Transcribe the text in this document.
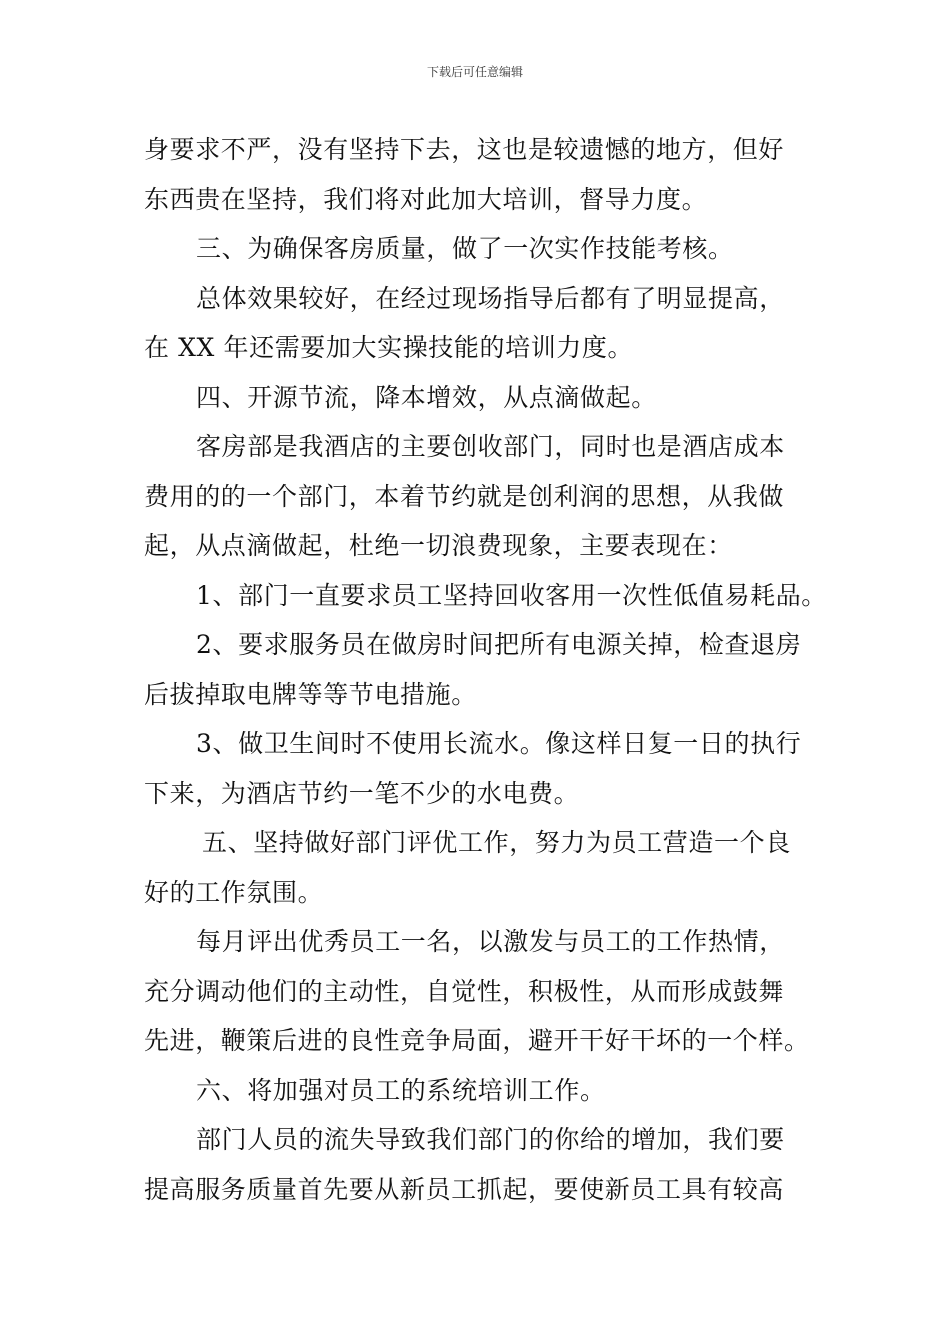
下载后可任意编辑
身要求不严，没有坚持下去，这也是较遗憾的地方，但好
东西贵在坚持，我们将对此加大培训，督导力度。
三、为确保客房质量，做了一次实作技能考核。
总体效果较好，在经过现场指导后都有了明显提高，
在 XX 年还需要加大实操技能的培训力度。
四、开源节流，降本增效，从点滴做起。
客房部是我酒店的主要创收部门，同时也是酒店成本
费用的的一个部门，本着节约就是创利润的思想，从我做
起，从点滴做起，杜绝一切浪费现象，主要表现在：
1、部门一直要求员工坚持回收客用一次性低值易耗品。
2、要求服务员在做房时间把所有电源关掉，检查退房
后拔掉取电牌等等节电措施。
3、做卫生间时不使用长流水。像这样日复一日的执行
下来，为酒店节约一笔不少的水电费。
五、坚持做好部门评优工作，努力为员工营造一个良
好的工作氛围。
每月评出优秀员工一名，以激发与员工的工作热情，
充分调动他们的主动性，自觉性，积极性，从而形成鼓舞
先进，鞭策后进的良性竞争局面，避开干好干坏的一个样。
六、将加强对员工的系统培训工作。
部门人员的流失导致我们部门的你给的增加，我们要
提高服务质量首先要从新员工抓起，要使新员工具有较高
